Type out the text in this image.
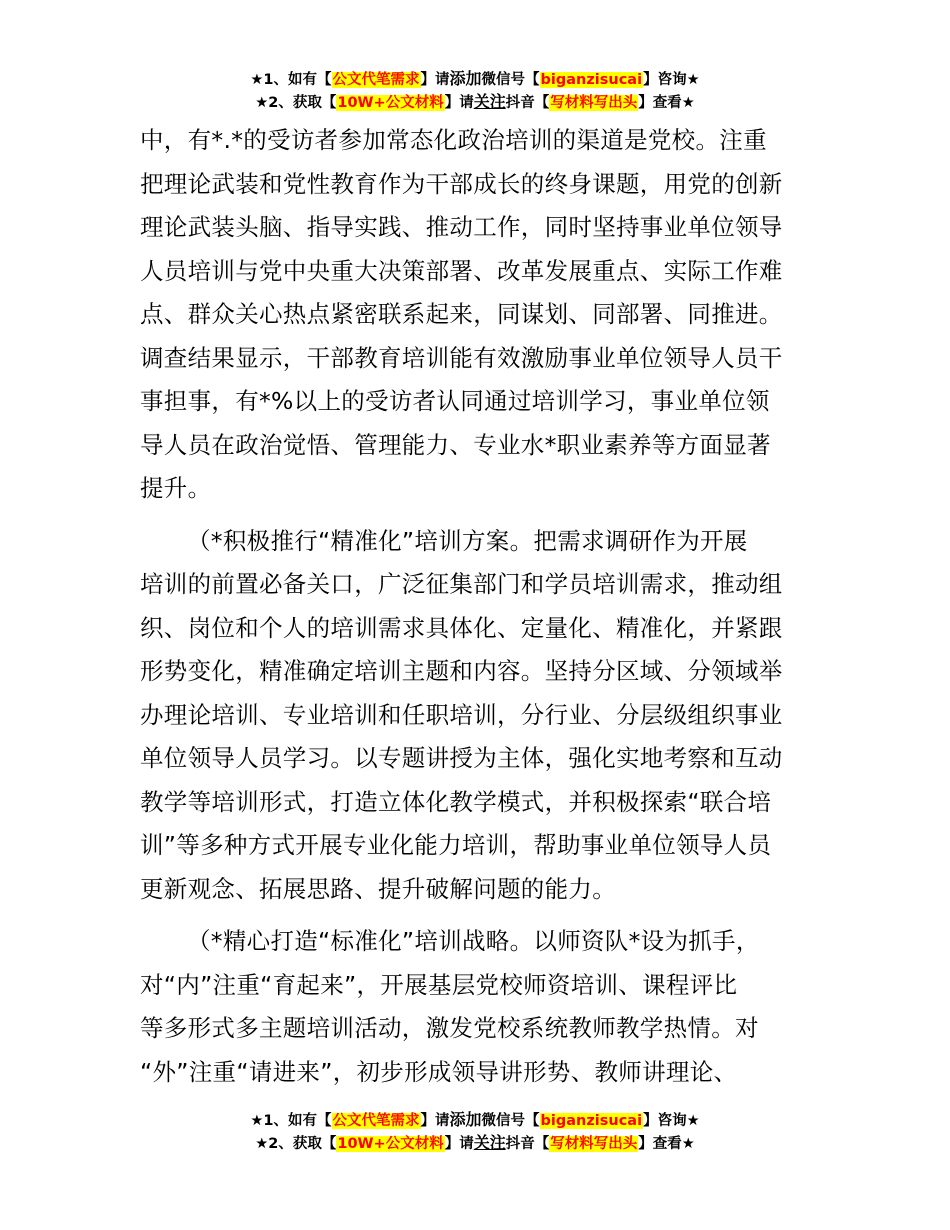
★1、如有【公文代笔需求】请添加微信号【biganzisucai】咨询★
★2、获取【10W+公文材料】请关注抖音【写材料写出头】查看★
中，有*.*的受访者参加常态化政治培训的渠道是党校。注重
把理论武装和党性教育作为干部成长的终身课题，用党的创新
理论武装头脑、指导实践、推动工作，同时坚持事业单位领导
人员培训与党中央重大决策部署、改革发展重点、实际工作难
点、群众关心热点紧密联系起来，同谋划、同部署、同推进。
调查结果显示，干部教育培训能有效激励事业单位领导人员干
事担事，有*%以上的受访者认同通过培训学习，事业单位领
导人员在政治觉悟、管理能力、专业水*职业素养等方面显著
提升。
（*积极推行“精准化”培训方案。把需求调研作为开展
培训的前置必备关口，广泛征集部门和学员培训需求，推动组
织、岗位和个人的培训需求具体化、定量化、精准化，并紧跟
形势变化，精准确定培训主题和内容。坚持分区域、分领域举
办理论培训、专业培训和任职培训，分行业、分层级组织事业
单位领导人员学习。以专题讲授为主体，强化实地考察和互动
教学等培训形式，打造立体化教学模式，并积极探索“联合培
训”等多种方式开展专业化能力培训，帮助事业单位领导人员
更新观念、拓展思路、提升破解问题的能力。
（*精心打造“标准化”培训战略。以师资队*设为抓手，
对“内”注重“育起来”，开展基层党校师资培训、课程评比
等多形式多主题培训活动，激发党校系统教师教学热情。对
“外”注重“请进来”，初步形成领导讲形势、教师讲理论、
★1、如有【公文代笔需求】请添加微信号【biganzisucai】咨询★
★2、获取【10W+公文材料】请关注抖音【写材料写出头】查看★
